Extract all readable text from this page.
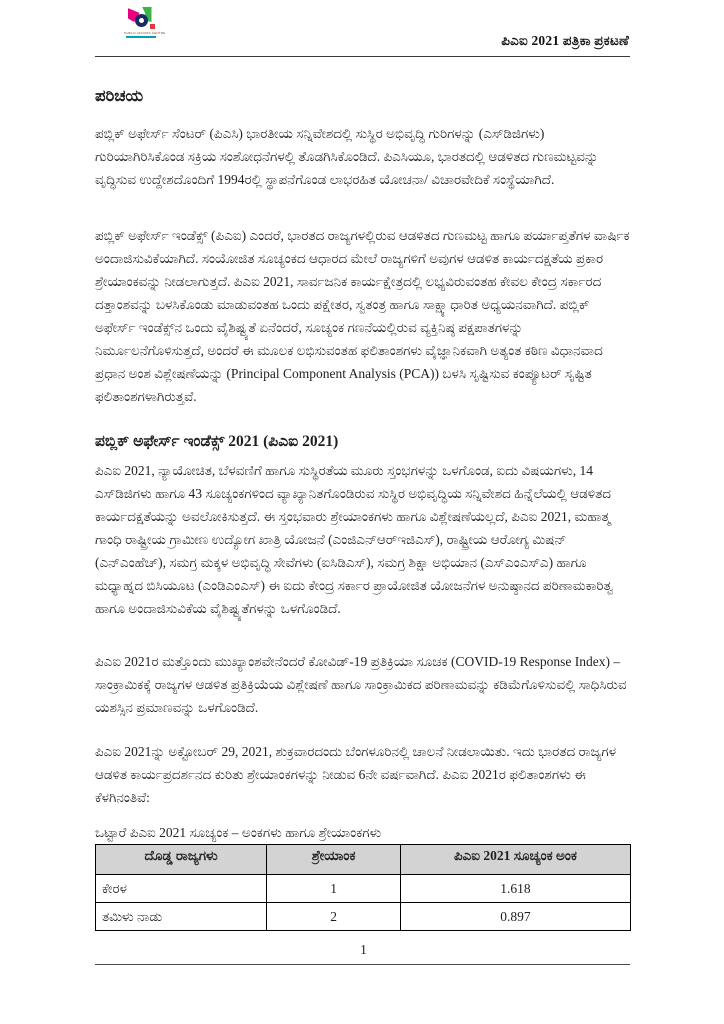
PUBLIC AFFAIRS CENTRE	ಪಿಎಐ 2021 ಪತ್ರಿಕಾ ಪ್ರಕಟಣೆ
ಪರಿಚಯ
ಪಬ್ಲಿಕ್ ಅಫೇರ್ಸ್ ಸೆಂಟರ್ (ಪಿಎಸಿ) ಭಾರತೀಯ ಸನ್ನಿವೇಶದಲ್ಲಿ ಸುಸ್ಥಿರ ಅಭಿವೃದ್ಧಿ ಗುರಿಗಳನ್ನು (ಎಸ್‌ಡಿಜಿಗಳು) ಗುರಿಯಾಗಿರಿಸಿಕೊಂಡ ಸಕ್ರಿಯ ಸಂಶೋಧನೆಗಳಲ್ಲಿ ತೊಡಗಿಸಿಕೊಂಡಿದೆ. ಪಿಎಸಿಯೂ, ಭಾರತದಲ್ಲಿ ಆಡಳಿತದ ಗುಣಮಟ್ಟವನ್ನು ವೃದ್ಧಿಸುವ ಉದ್ದೇಶದೊಂದಿಗೆ 1994ರಲ್ಲಿ ಸ್ಥಾಪನೆಗೊಂಡ ಲಾಭರಹಿತ ಯೋಚನಾ/ ವಿಚಾರವೇದಿಕೆ ಸಂಸ್ಥೆಯಾಗಿದೆ.
ಪಬ್ಲಿಕ್ ಅಫೇರ್ಸ್ ಇಂಡೆಕ್ಸ್ (ಪಿಎಐ) ಎಂದರೆ, ಭಾರತದ ರಾಜ್ಯಗಳಲ್ಲಿರುವ ಆಡಳಿತದ ಗುಣಮಟ್ಟ ಹಾಗೂ ಪರ್ಯಾಪ್ತತೆಗಳ ವಾರ್ಷಿಕ ಅಂದಾಜಿಸುವಿಕೆಯಾಗಿದೆ. ಸಂಯೋಜಿತ ಸೂಚ್ಯಂಕದ ಆಧಾರದ ಮೇಲೆ ರಾಜ್ಯಗಳಿಗೆ ಅವುಗಳ ಆಡಳಿತ ಕಾರ್ಯದಕ್ಷತೆಯ ಪ್ರಕಾರ ಶ್ರೇಯಾಂಕವನ್ನು ನೀಡಲಾಗುತ್ತದೆ. ಪಿಎಐ 2021, ಸಾರ್ವಜನಿಕ ಕಾರ್ಯಕ್ಷೇತ್ರದಲ್ಲಿ ಲಭ್ಯವಿರುವಂತಹ ಕೇವಲ ಕೇಂದ್ರ ಸರ್ಕಾರದ ದತ್ತಾಂಶವನ್ನು ಬಳಸಿಕೊಂಡು ಮಾಡುವಂತಹ ಒಂದು ಪಕ್ಷೇತರ, ಸ್ವತಂತ್ರ ಹಾಗೂ ಸಾಕ್ಷ್ಯಾಧಾರಿತ ಅಧ್ಯಯನವಾಗಿದೆ. ಪಬ್ಲಿಕ್ ಅಫೇರ್ಸ್ ಇಂಡೆಕ್ಸ್‌ನ ಒಂದು ವೈಶಿಷ್ಟ್ಯತೆ ಏನೆಂದರೆ, ಸೂಚ್ಯಂಕ ಗಣನೆಯಲ್ಲಿರುವ ವ್ಯಕ್ತಿನಿಷ್ಠ ಪಕ್ಷಪಾತಗಳನ್ನು ನಿರ್ಮೂಲನೆಗೊಳಿಸುತ್ತದೆ, ಅಂದರೆ ಈ ಮೂಲಕ ಲಭಿಸುವಂತಹ ಫಲಿತಾಂಶಗಳು ವೈಜ್ಞಾನಿಕವಾಗಿ ಅತ್ಯಂತ ಕಠಿಣ ವಿಧಾನವಾದ ಪ್ರಧಾನ ಅಂಶ ವಿಶ್ಲೇಷಣೆಯನ್ನು (Principal Component Analysis (PCA)) ಬಳಸಿ ಸೃಷ್ಟಿಸುವ ಕಂಪ್ಯೂಟರ್ ಸೃಷ್ಟಿತ ಫಲಿತಾಂಶಗಳಾಗಿರುತ್ತವೆ.
ಪಬ್ಲಿಕ್ ಅಫೇರ್ಸ್ ಇಂಡೆಕ್ಸ್ 2021 (ಪಿಎಐ 2021)
ಪಿಎಐ 2021, ನ್ಯಾಯೋಚಿತ, ಬೆಳವಣಿಗೆ ಹಾಗೂ ಸುಸ್ಥಿರತೆಯ ಮೂರು ಸ್ತಂಭಗಳನ್ನು ಒಳಗೊಂಡ, ಐದು ವಿಷಯಗಳು, 14 ಎಸ್‌ಡಿಜಿಗಳು ಹಾಗೂ 43 ಸೂಚ್ಯಂಕಗಳಿಂದ ವ್ಯಾಖ್ಯಾನಿತಗೊಂಡಿರುವ ಸುಸ್ಥಿರ ಅಭಿವೃದ್ಧಿಯ ಸನ್ನಿವೇಶದ ಹಿನ್ನೆಲೆಯಲ್ಲಿ ಆಡಳಿತದ ಕಾರ್ಯದಕ್ಷತೆಯನ್ನು ಅವಲೋಕಿಸುತ್ತದೆ. ಈ ಸ್ತಂಭವಾರು ಶ್ರೇಯಾಂಕಗಳು ಹಾಗೂ ವಿಶ್ಲೇಷಣೆಯಲ್ಲದೆ, ಪಿಎಐ 2021, ಮಹಾತ್ಮ ಗಾಂಧಿ ರಾಷ್ಟ್ರೀಯ ಗ್ರಾಮೀಣ ಉದ್ಯೋಗ ಖಾತ್ರಿ ಯೋಜನೆ (ಎಂಜಿಎನ್‌ಆರ್‌ಇಜಿಎಸ್), ರಾಷ್ಟ್ರೀಯ ಆರೋಗ್ಯ ಮಿಷನ್ (ಎನ್‌ಎಂಹೆಚ್), ಸಮಗ್ರ ಮಕ್ಕಳ ಅಭಿವೃದ್ಧಿ ಸೇವೆಗಳು (ಐಸಿಡಿಎಸ್), ಸಮಗ್ರ ಶಿಕ್ಷಾ ಅಭಿಯಾನ (ಎಸ್‌ಎಂಎಸ್‌ಎ) ಹಾಗೂ ಮಧ್ಯಾಹ್ನದ ಬಿಸಿಯೂಟ (ಎಂಡಿಎಂಎಸ್) ಈ ಐದು ಕೇಂದ್ರ ಸರ್ಕಾರ ಪ್ರಾಯೋಜಿತ ಯೋಜನೆಗಳ ಅನುಷ್ಠಾನದ ಪರಿಣಾಮಕಾರಿತ್ವ ಹಾಗೂ ಅಂದಾಜಿಸುವಿಕೆಯ ವೈಶಿಷ್ಟ್ಯತೆಗಳನ್ನು ಒಳಗೊಂಡಿದೆ.
ಪಿಎಐ 2021ರ ಮತ್ತೊಂದು ಮುಖ್ಯಾಂಶವೇನೆಂದರೆ ಕೋವಿಡ್-19 ಪ್ರತಿಕ್ರಿಯಾ ಸೂಚಕ (COVID-19 Response Index) – ಸಾಂಕ್ರಾಮಿಕಕ್ಕೆ ರಾಜ್ಯಗಳ ಆಡಳಿತ ಪ್ರತಿಕ್ರಿಯೆಯ ವಿಶ್ಲೇಷಣೆ ಹಾಗೂ ಸಾಂಕ್ರಾಮಿಕದ ಪರಿಣಾಮವನ್ನು ಕಡಿಮೆಗೊಳಿಸುವಲ್ಲಿ ಸಾಧಿಸಿರುವ ಯಶಸ್ಸಿನ ಪ್ರಮಾಣವನ್ನು ಒಳಗೊಂಡಿದೆ.
ಪಿಎಐ 2021ನ್ನು ಅಕ್ಟೋಬರ್ 29, 2021, ಶುಕ್ರವಾರದಂದು ಬೆಂಗಳೂರಿನಲ್ಲಿ ಚಾಲನೆ ನೀಡಲಾಯಿತು. ಇದು ಭಾರತದ ರಾಜ್ಯಗಳ ಆಡಳಿತ ಕಾರ್ಯಪ್ರದರ್ಶನದ ಕುರಿತು ಶ್ರೇಯಾಂಕಗಳನ್ನು ನೀಡುವ 6ನೇ ವರ್ಷವಾಗಿದೆ. ಪಿಎಐ 2021ರ ಫಲಿತಾಂಶಗಳು ಈ ಕೆಳಗಿನಂತಿವೆ:
ಒಟ್ಟಾರೆ ಪಿಎಐ 2021 ಸೂಚ್ಯಂಕ – ಅಂಕಗಳು ಹಾಗೂ ಶ್ರೇಯಾಂಕಗಳು
ದೊಡ್ಡ ರಾಜ್ಯಗಳು	ಶ್ರೇಯಾಂಕ	ಪಿಎಐ 2021 ಸೂಚ್ಯಂಕ ಅಂಕ
ಕೇರಳ	1	1.618
ತಮಿಳು ನಾಡು	2	0.897
1
